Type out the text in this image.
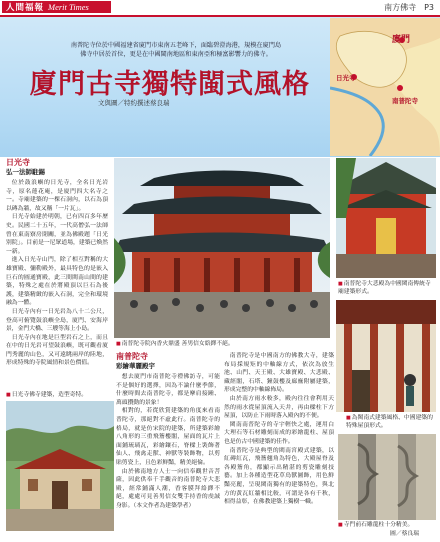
人間福報 Merit Times	南方佛寺　P3
廈門
日光寺
南普陀寺
南普陀寺位於中國福建省廈門市東南五老峰下，面臨碧澄海港，規模在廈門島
佛寺中居於首位，更是在中國閩南地區和東南亞和極富影響力的佛寺。
廈門古寺獨特閩式風格
文與圖／特約撰述蔡良瑞
日光寺
弘一法師駐錫

位於鼓浪嶼的日光寺，全名日光岩寺，原名蓮花庵，是廈門四大名寺之一。寺廟建築的一棵石洞內，以石為頂以磚為牆，故又稱「一片瓦」。

日光寺始建於明朝，已有四百多年歷史。民國二十五年，一代高僧弘一法師曾在東南寮房閉關，並為佛殿題「日光別院」。目前是一尼眾道場，建築已煥然一新。

進入日光寺山門，除了相互對稱的大雄寶殿、彌勒殿外，最具特色的是嵌入巨石的圓通寶殿，此三間閩南山間的建築，特殊之處在於將殿頂以巨石為後護，建築精緻的嵌入石洞，完全和環境融為一體。

日光寺內有一日光岩為八十二公尺，登高可俯覽鼓浪嶼全島，廈門、安海岸景，金門大橋、三艘等海上小島。

日光寺內在地是巨型岩石之上，而且在中的日光岩可望鼓浪嶼，既可觀看廈門秀麗的山色，又可遠眺兩岸的陸地，形成特殊的寺院風情和景色價值。

■ 日光寺佛寺建築，造型奇特。
■ 南普陀寺院內香火鼎盛 善男信女絡繹不絕。
南普陀寺
彩繪華麗殿宇

想去廈門市南普陀寺禮佛訪寺，可能不是個好的選擇，因為不論什麼季節，什麼時間去南普陀寺，都是摩肩接踵、萬頭攢動的景象！

相對的，若從欣賞建築的角度來看南普陀寺，那絕對不虛此行。南普陀寺的格局，就是仿宋院的建築，所建築彩繪八角形的三重飛簷樓閣，屋面的瓦片上面鋪琉璃瓦，彩繪鑲石，脊樑上裝飾著仙人、飛禽走獸、神獸等裝飾物，以剪貼剪瓷上，且色彩鮮豔，精美絕倫。

由於佛南地方人士一向信奉觀世音菩薩，因此供奉千手觀音的南普陀寺大悲殿，經常鋪滿人潮，香客膜拜絡繹不絕，處處可見善男信女雙手持香的虔誠身影。（本文作者為建築學者）

南普陀寺是中國南方的佛教大寺，建築布局採規矩的中軸線方式，依次為放生池、山門、天王殿、大雄寶殿、大悲殿、藏經閣，石塔、鐘鼓樓及廊廡附屬建築，形成完整的中軸線佈局。

由於南方雨水較多，殿內往往會利用天然的雨水從屋頂流入天井，再由樑柱下方屋頂，以防止下雨時落入殿內的不便。

閩南南普陀寺的寺宇輕快之處，運用白大理石等石材雕刻而成的彩繪龍柱、屋頂也是仿古中國建築的佳作。

南普陀寺是典型的閩南宮殿式建築，以紅磚紅瓦，飛簷翹角為特色，大殿屋脊及各殿簷角，都顯示出精湛的剪瓷雕刻技藝。加上各種造型花草鳥獸圖飾，用色鮮豔亮麗，呈現閩南獨有的建築特色，與北方的黃瓦紅牆相比較，可謂是各有千秋，相得益彰，在佛教建築上獨樹一幟。

■ 南普陀寺大悲殿為中國閩南傳統寺廟建築形式。
■ 為閩南式建築風格、中國建築的特殊屋頂形式。
■ 寺門前石雕龍柱十分精美。
圖／蔡良瑞
